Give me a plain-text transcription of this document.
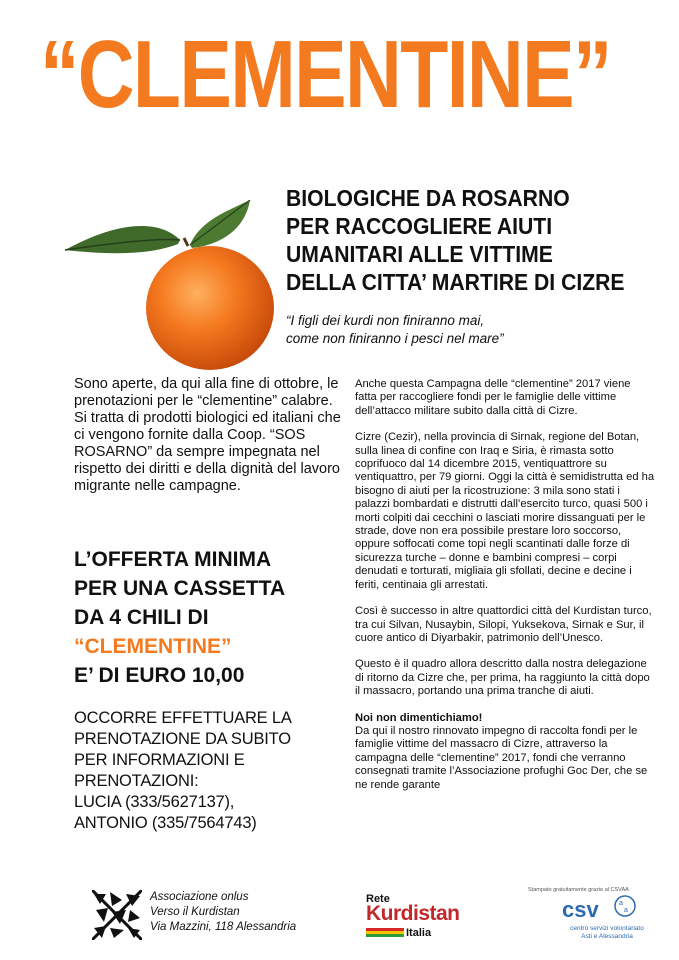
“CLEMENTINE”
BIOLOGICHE DA ROSARNO
PER RACCOGLIERE AIUTI
UMANITARI ALLE VITTIME
DELLA CITTA’ MARTIRE DI CIZRE
“I figli dei kurdi non finiranno mai,
come non finiranno i pesci nel mare”
Sono aperte, da qui alla fine di ottobre, le prenotazioni per le “clementine” calabre. Si tratta di prodotti biologici ed italiani che ci vengono fornite dalla Coop. “SOS ROSARNO” da sempre impegnata nel rispetto dei diritti e della dignità del lavoro migrante nelle campagne.
L’OFFERTA MINIMA
PER UNA CASSETTA
DA 4 CHILI DI
“CLEMENTINE”
E’ DI EURO 10,00
OCCORRE EFFETTUARE LA
PRENOTAZIONE DA SUBITO
PER INFORMAZIONI E
PRENOTAZIONI:
LUCIA (333/5627137),
ANTONIO (335/7564743)

Anche questa Campagna delle “clementine” 2017 viene fatta per raccogliere fondi per le famiglie delle vittime dell’attacco militare subito dalla città di Cizre.

Cizre (Cezir), nella provincia di Sirnak, regione del Botan, sulla linea di confine con Iraq e Siria, è rimasta sotto coprifuoco dal 14 dicembre 2015, ventiquattrore su ventiquattro, per 79 giorni. Oggi la città è semidistrutta ed ha bisogno di aiuti per la ricostruzione: 3 mila sono stati i palazzi bombardati e distrutti dall’esercito turco, quasi 500 i morti colpiti dai cecchini o lasciati morire dissanguati per le strade, dove non era possibile prestare loro soccorso, oppure soffocati come topi negli scantinati dalle forze di sicurezza turche – donne e bambini compresi – corpi denudati e torturati, migliaia gli sfollati, decine e decine i feriti, centinaia gli arrestati.

Così è successo in altre quattordici città del Kurdistan turco, tra cui Silvan, Nusaybin, Silopi, Yuksekova, Sirnak e Sur, il cuore antico di Diyarbakir, patrimonio dell’Unesco.

Questo è il quadro allora descritto dalla nostra delegazione di ritorno da Cizre che, per prima, ha raggiunto la città dopo il massacro, portando una prima tranche di aiuti.

Noi non dimentichiamo!

Da qui il nostro rinnovato impegno di raccolta fondi per le famiglie vittime del massacro di Cizre, attraverso la campagna delle “clementine” 2017, fondi che verranno consegnati tramite l’Associazione profughi Goc Der, che se ne rende garante

Associazione onlus
Verso il Kurdistan
Via Mazzini, 118 Alessandria
Rete
Kurdistan
Italia
Stampato gratuitamente grazie al CSVAA
csv	a
a
centro servizi volontariato
Asti e Alessandria
